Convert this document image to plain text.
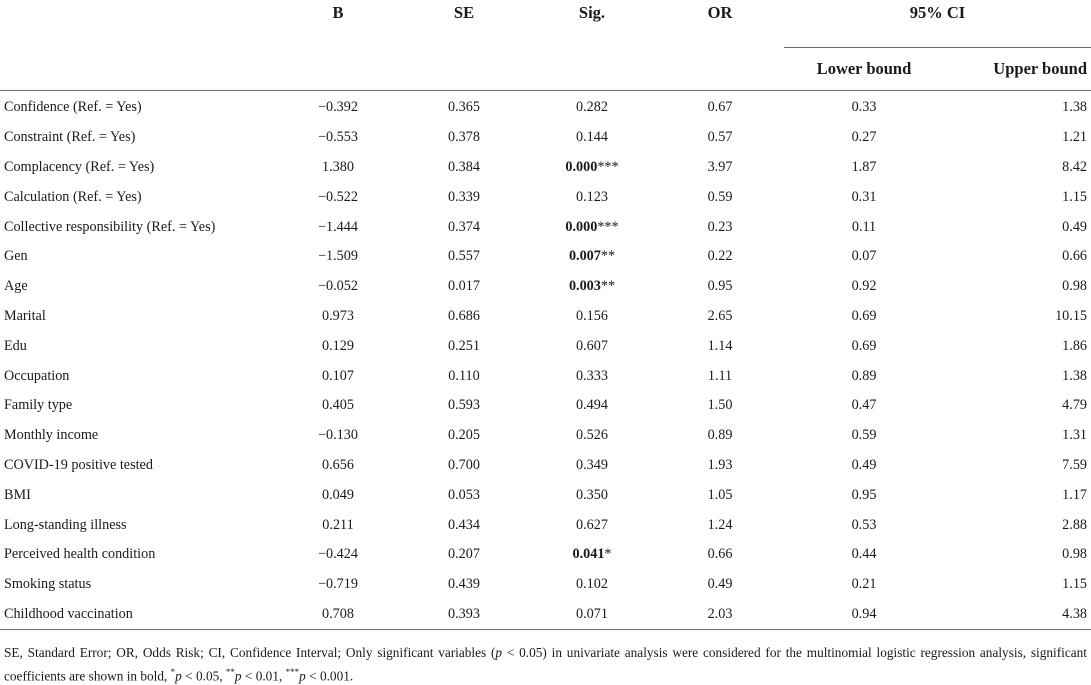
	B	SE	Sig.	OR	95% CI	
					Lower bound	Upper bound
Confidence (Ref. = Yes)	−0.392	0.365	0.282	0.67	0.33	1.38
Constraint (Ref. = Yes)	−0.553	0.378	0.144	0.57	0.27	1.21
Complacency (Ref. = Yes)	1.380	0.384	0.000***	3.97	1.87	8.42
Calculation (Ref. = Yes)	−0.522	0.339	0.123	0.59	0.31	1.15
Collective responsibility (Ref. = Yes)	−1.444	0.374	0.000***	0.23	0.11	0.49
Gen	−1.509	0.557	0.007**	0.22	0.07	0.66
Age	−0.052	0.017	0.003**	0.95	0.92	0.98
Marital	0.973	0.686	0.156	2.65	0.69	10.15
Edu	0.129	0.251	0.607	1.14	0.69	1.86
Occupation	0.107	0.110	0.333	1.11	0.89	1.38
Family type	0.405	0.593	0.494	1.50	0.47	4.79
Monthly income	−0.130	0.205	0.526	0.89	0.59	1.31
COVID-19 positive tested	0.656	0.700	0.349	1.93	0.49	7.59
BMI	0.049	0.053	0.350	1.05	0.95	1.17
Long-standing illness	0.211	0.434	0.627	1.24	0.53	2.88
Perceived health condition	−0.424	0.207	0.041*	0.66	0.44	0.98
Smoking status	−0.719	0.439	0.102	0.49	0.21	1.15
Childhood vaccination	0.708	0.393	0.071	2.03	0.94	4.38
SE, Standard Error; OR, Odds Risk; CI, Confidence Interval; Only significant variables (p < 0.05) in univariate analysis were considered for the multinomial logistic regression analysis, significant coefficients are shown in bold, *p < 0.05, **p < 0.01, ***p < 0.001.
